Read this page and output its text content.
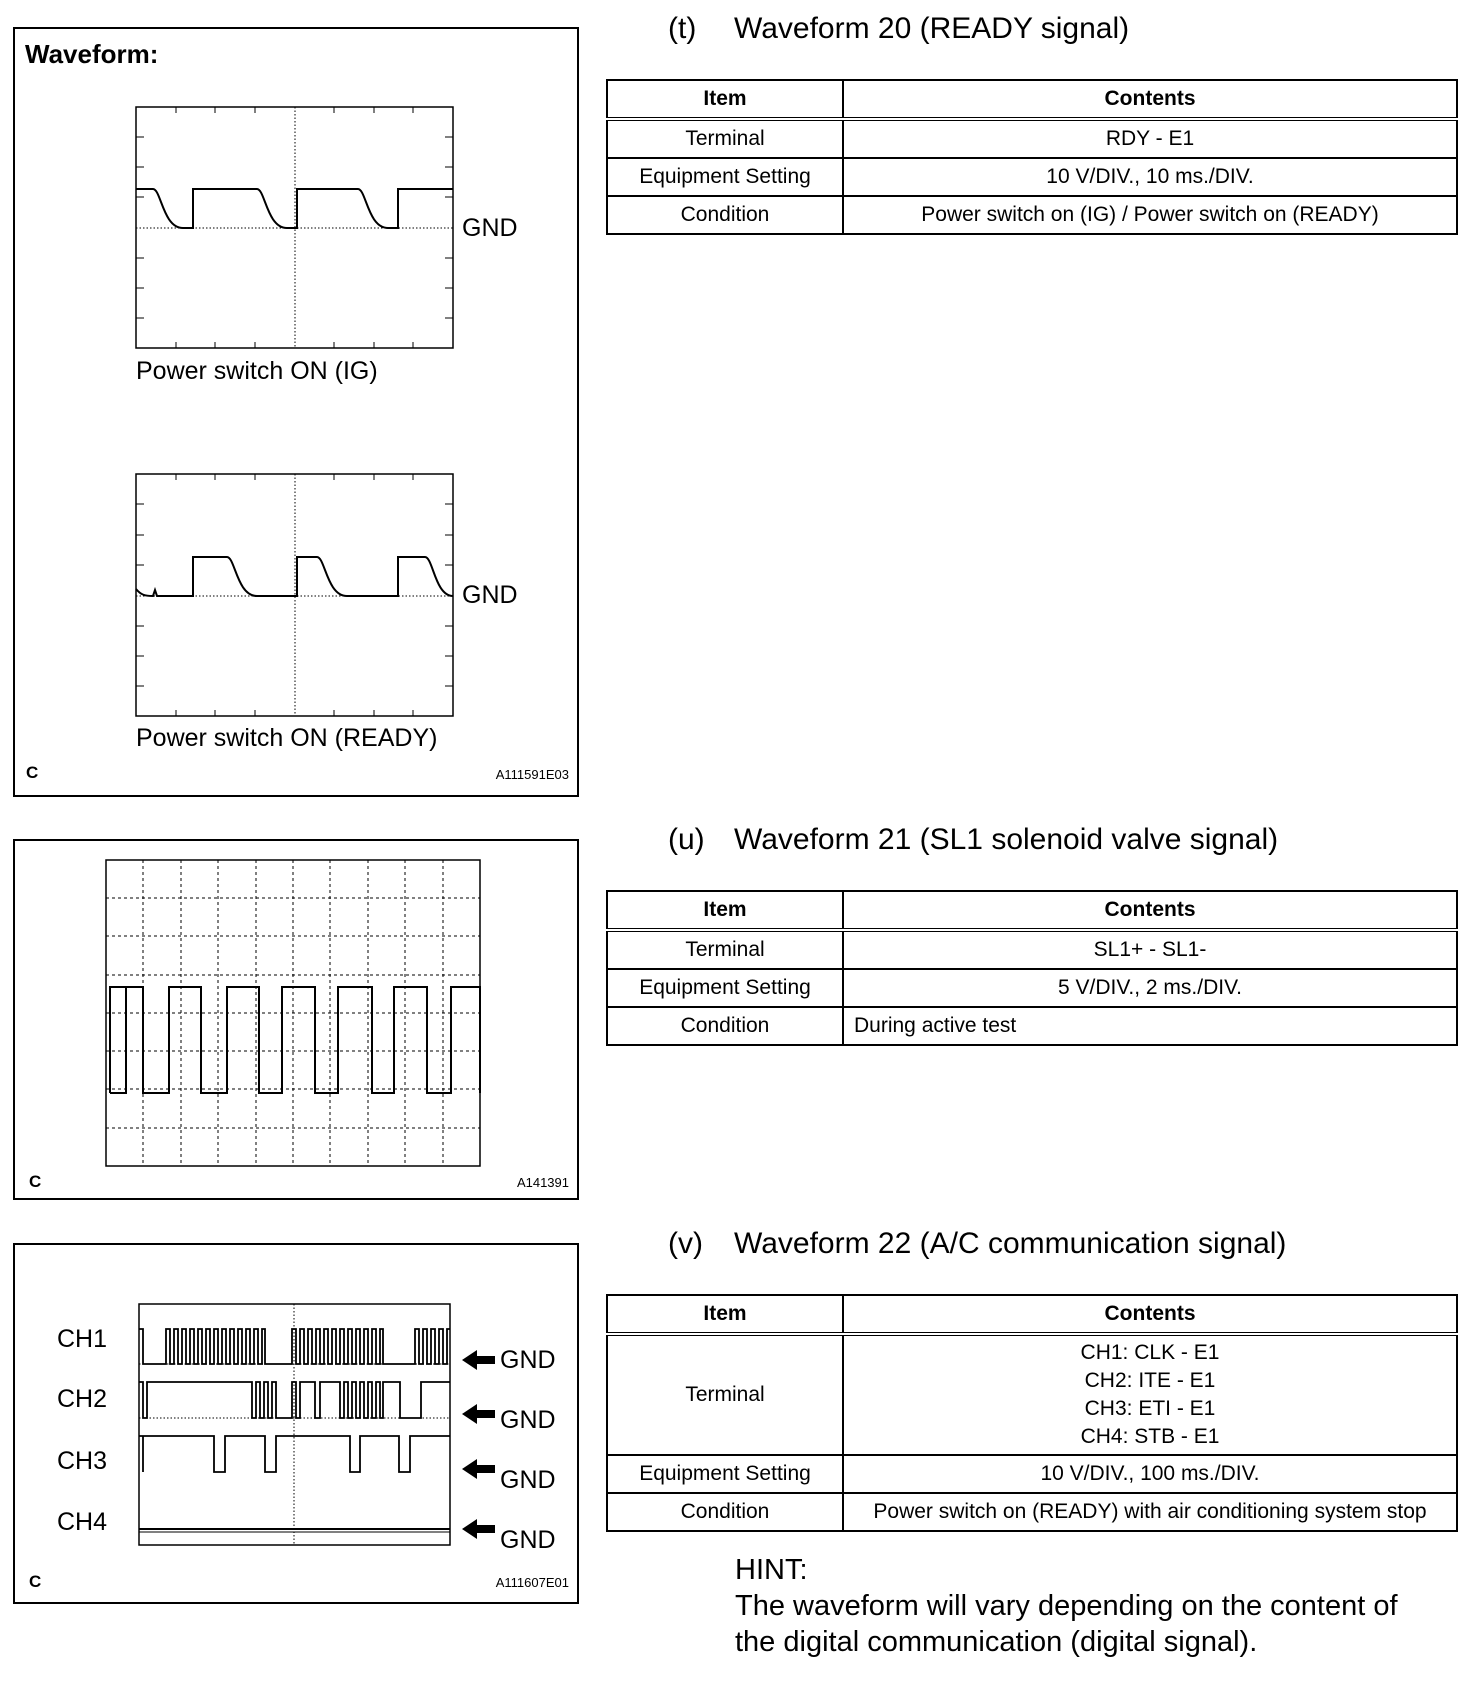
Waveform:
GND
Power switch ON (IG)
GND
Power switch ON (READY)
C	A111591E03
C	A141391
CH1
CH2
CH3
CH4
GND
GND
GND
GND
C	A111607E01
(t) Waveform 20 (READY signal)
Item	Contents
Terminal	RDY - E1
Equipment Setting	10 V/DIV., 10 ms./DIV.
Condition	Power switch on (IG) / Power switch on (READY)
(u) Waveform 21 (SL1 solenoid valve signal)
Item	Contents
Terminal	SL1+ - SL1-
Equipment Setting	5 V/DIV., 2 ms./DIV.
Condition	During active test
(v) Waveform 22 (A/C communication signal)
Item	Contents
Terminal	CH1: CLK - E1
CH2: ITE - E1
CH3: ETI - E1
CH4: STB - E1

Equipment Setting	10 V/DIV., 100 ms./DIV.
Condition	Power switch on (READY) with air conditioning system stop
HINT:
The waveform will vary depending on the content of
the digital communication (digital signal).
